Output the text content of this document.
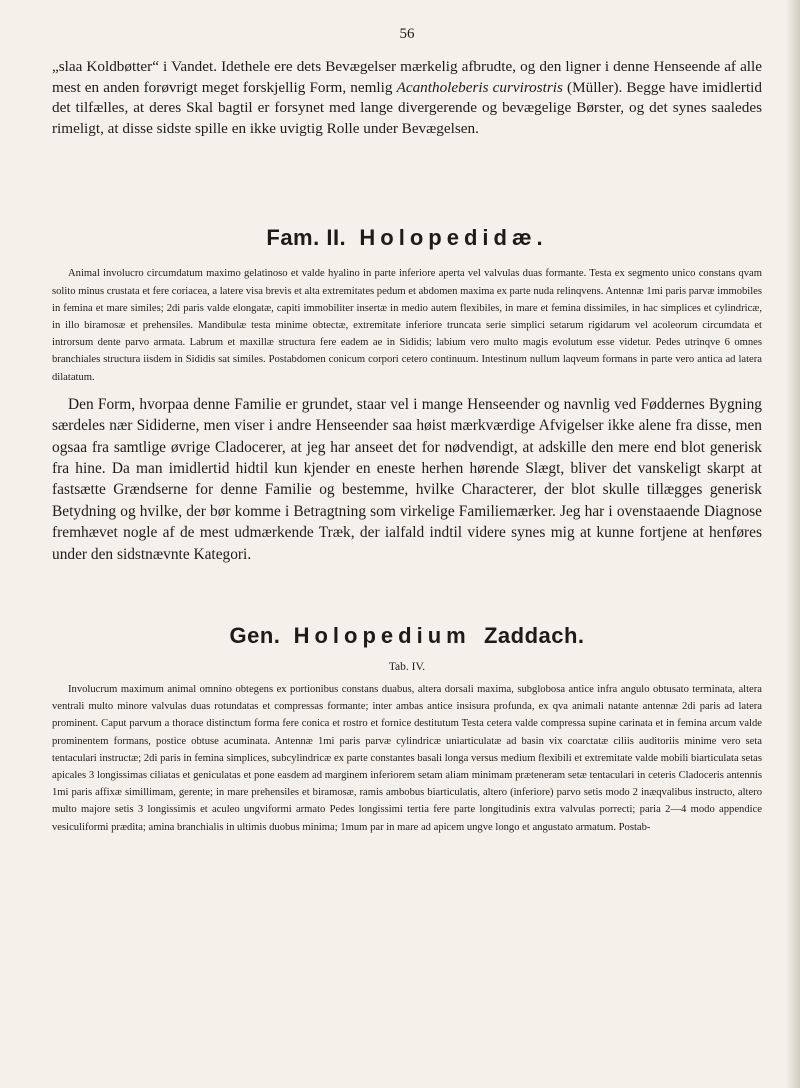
56

„slaa Koldbøtter“ i Vandet. Idethele ere dets Bevægelser mærkelig afbrudte, og den ligner i denne Henseende af alle mest en anden forøvrigt meget forskjellig Form, nemlig Acantholeberis curvirostris (Müller). Begge have imidlertid det tilfælles, at deres Skal bagtil er forsynet med lange divergerende og bevægelige Børster, og det synes saaledes rimeligt, at disse sidste spille en ikke uvigtig Rolle under Bevægelsen.

Fam. II. Holopedidæ.

Animal involucro circumdatum maximo gelatinoso et valde hyalino in parte inferiore aperta vel valvulas duas formante. Testa ex segmento unico constans qvam solito minus crustata et fere coriacea, a latere visa brevis et alta extremitates pedum et abdomen maxima ex parte nuda relinqvens. Antennæ 1mi paris parvæ immobiles in femina et mare similes; 2di paris valde elongatæ, capiti immobiliter insertæ in medio autem flexibiles, in mare et femina dissimiles, in hac simplices et cylindricæ, in illo biramosæ et prehensiles. Mandibulæ testa minime obtectæ, extremitate inferiore truncata serie simplici setarum rigidarum vel acoleorum circumdata et introrsum dente parvo armata. Labrum et maxillæ structura fere eadem ae in Sididis; labium vero multo magis evolutum esse videtur. Pedes utrinqve 6 omnes branchiales structura iisdem in Sididis sat similes. Postabdomen conicum corpori cetero continuum. Intestinum nullum laqveum formans in parte vero antica ad latera dilatatum.

Den Form, hvorpaa denne Familie er grundet, staar vel i mange Henseender og navnlig ved Føddernes Bygning særdeles nær Sididerne, men viser i andre Henseender saa høist mærkværdige Afvigelser ikke alene fra disse, men ogsaa fra samtlige øvrige Cladocerer, at jeg har anseet det for nødvendigt, at adskille den mere end blot generisk fra hine. Da man imidlertid hidtil kun kjender en eneste herhen hørende Slægt, bliver det vanskeligt skarpt at fastsætte Grændserne for denne Familie og bestemme, hvilke Characterer, der blot skulle tillægges generisk Betydning og hvilke, der bør komme i Betragtning som virkelige Familiemærker. Jeg har i ovenstaaende Diagnose fremhævet nogle af de mest udmærkende Træk, der ialfald indtil videre synes mig at kunne fortjene at henføres under den sidstnævnte Kategori.

Gen. Holopedium Zaddach.

Tab. IV.

Involucrum maximum animal omnino obtegens ex portionibus constans duabus, altera dorsali maxima, subglobosa antice infra angulo obtusato terminata, altera ventrali multo minore valvulas duas rotundatas et compressas formante; inter ambas antice insisura profunda, ex qva animali natante antennæ 2di paris ad latera prominent. Caput parvum a thorace distinctum forma fere conica et rostro et fornice destitutum Testa cetera valde compressa supine carinata et in femina arcum valde prominentem formans, postice obtuse acuminata. Antennæ 1mi paris parvæ cylindricæ uniarticulatæ ad basin vix coarctatæ ciliis auditoriis minime vero seta tentaculari instructæ; 2di paris in femina simplices, subcylindricæ ex parte constantes basali longa versus medium flexibili et extremitate valde mobili biarticulata setas apicales 3 longissimas ciliatas et geniculatas et pone easdem ad marginem inferiorem setam aliam minimam præteneram setæ tentaculari in ceteris Cladoceris antennis 1mi paris affixæ simillimam, gerente; in mare prehensiles et biramosæ, ramis ambobus biarticulatis, altero (inferiore) parvo setis modo 2 inæqvalibus instructo, altero multo majore setis 3 longissimis et aculeo ungviformi armato Pedes longissimi tertia fere parte longitudinis extra valvulas porrecti; paria 2—4 modo appendice vesiculiformi prædita; amina branchialis in ultimis duobus minima; 1mum par in mare ad apicem ungve longo et angustato armatum. Postab-
